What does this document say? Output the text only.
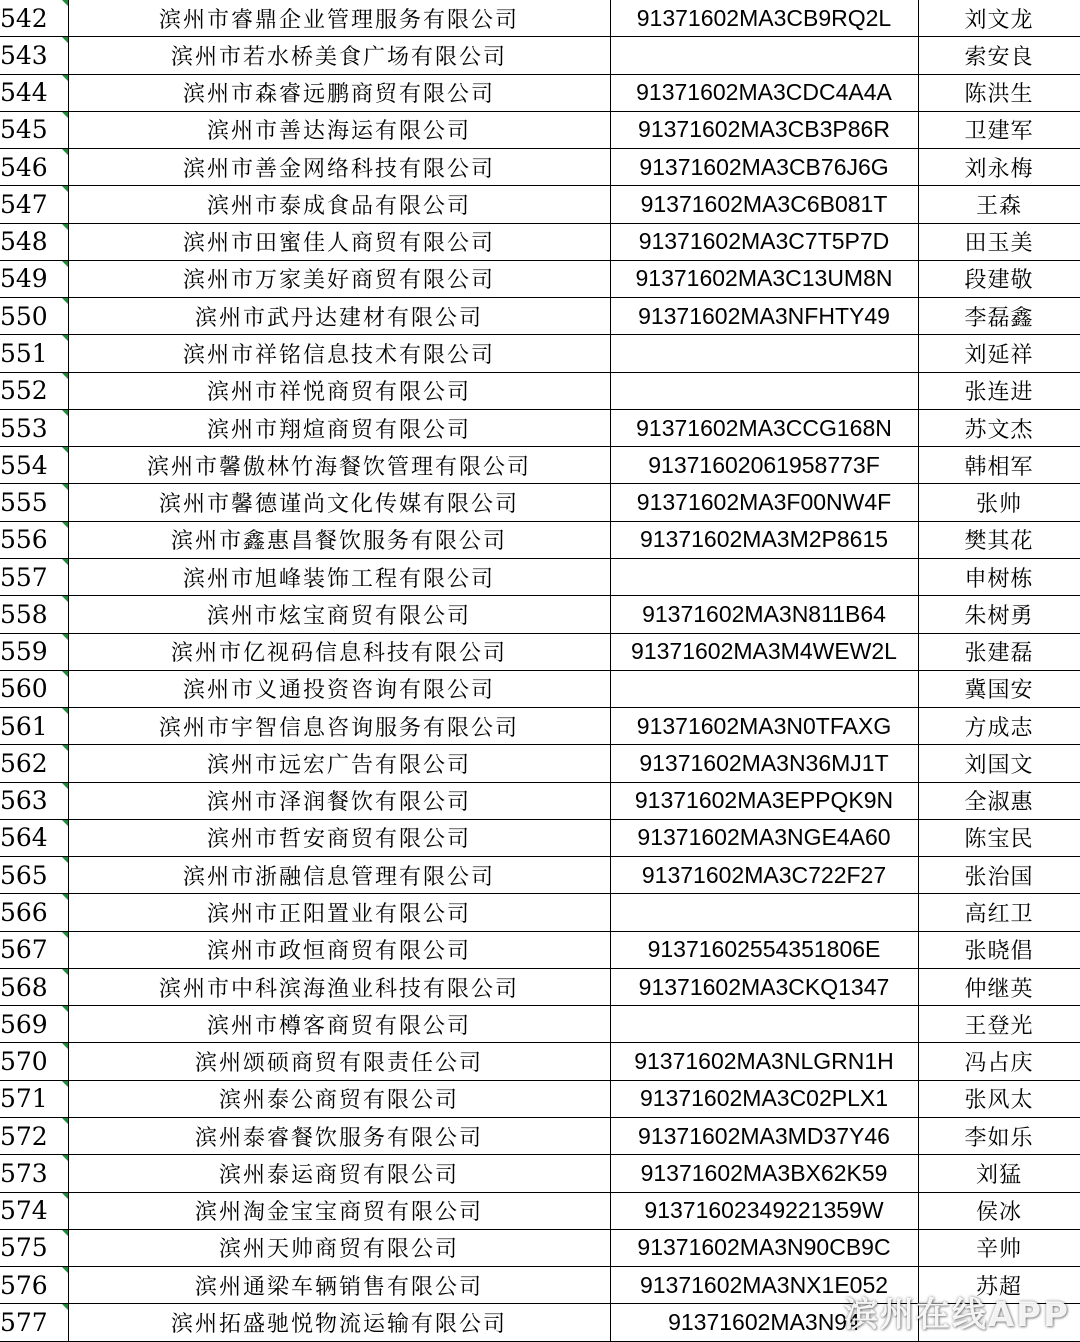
542	滨州市睿鼎企业管理服务有限公司	91371602MA3CB9RQ2L	刘文龙
543	滨州市若水桥美食广场有限公司		索安良
544	滨州市森睿远鹏商贸有限公司	91371602MA3CDC4A4A	陈洪生
545	滨州市善达海运有限公司	91371602MA3CB3P86R	卫建军
546	滨州市善金网络科技有限公司	91371602MA3CB76J6G	刘永梅
547	滨州市泰成食品有限公司	91371602MA3C6B081T	王森
548	滨州市田蜜佳人商贸有限公司	91371602MA3C7T5P7D	田玉美
549	滨州市万家美好商贸有限公司	91371602MA3C13UM8N	段建敬
550	滨州市武丹达建材有限公司	91371602MA3NFHTY49	李磊鑫
551	滨州市祥铭信息技术有限公司		刘延祥
552	滨州市祥悦商贸有限公司		张连进
553	滨州市翔煊商贸有限公司	91371602MA3CCG168N	苏文杰
554	滨州市馨傲林竹海餐饮管理有限公司	91371602061958773F	韩相军
555	滨州市馨德谨尚文化传媒有限公司	91371602MA3F00NW4F	张帅
556	滨州市鑫惠昌餐饮服务有限公司	91371602MA3M2P8615	樊其花
557	滨州市旭峰装饰工程有限公司		申树栋
558	滨州市炫宝商贸有限公司	91371602MA3N811B64	朱树勇
559	滨州市亿视码信息科技有限公司	91371602MA3M4WEW2L	张建磊
560	滨州市义通投资咨询有限公司		冀国安
561	滨州市宇智信息咨询服务有限公司	91371602MA3N0TFAXG	方成志
562	滨州市远宏广告有限公司	91371602MA3N36MJ1T	刘国文
563	滨州市泽润餐饮有限公司	91371602MA3EPPQK9N	全淑惠
564	滨州市哲安商贸有限公司	91371602MA3NGE4A60	陈宝民
565	滨州市浙融信息管理有限公司	91371602MA3C722F27	张治国
566	滨州市正阳置业有限公司		高红卫
567	滨州市政恒商贸有限公司	91371602554351806E	张晓倡
568	滨州市中科滨海渔业科技有限公司	91371602MA3CKQ1347	仲继英
569	滨州市樽客商贸有限公司		王登光
570	滨州颂硕商贸有限责任公司	91371602MA3NLGRN1H	冯占庆
571	滨州泰公商贸有限公司	91371602MA3C02PLX1	张风太
572	滨州泰睿餐饮服务有限公司	91371602MA3MD37Y46	李如乐
573	滨州泰运商贸有限公司	91371602MA3BX62K59	刘猛
574	滨州淘金宝宝商贸有限公司	91371602349221359W	侯冰
575	滨州天帅商贸有限公司	91371602MA3N90CB9C	辛帅
576	滨州通梁车辆销售有限公司	91371602MA3NX1E052	苏超
577	滨州拓盛驰悦物流运输有限公司	91371602MA3N94	
滨州在线APP
